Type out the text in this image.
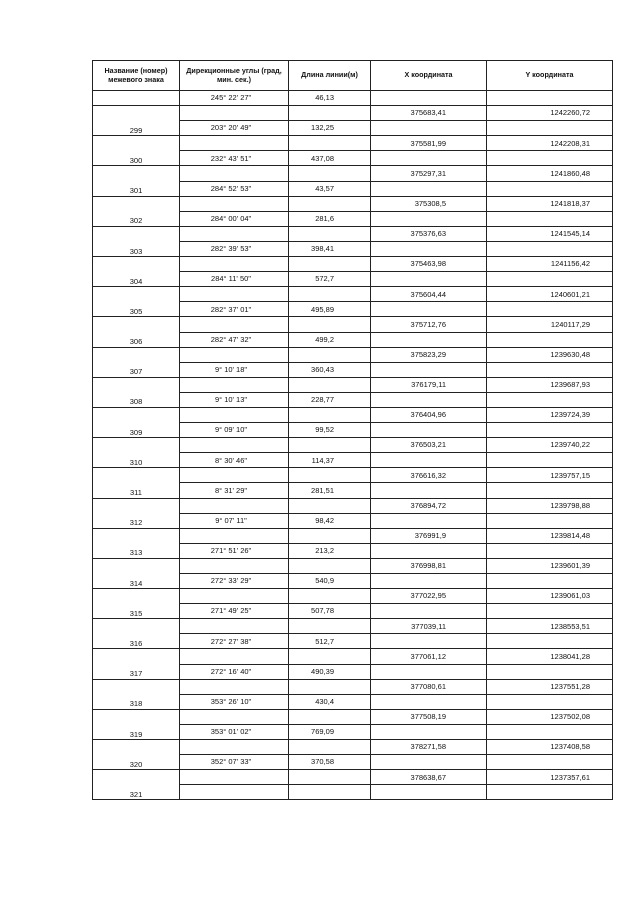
Название (номер) межевого знака	Дирекционные углы (град, мин. сек.)	Длина линии(м)	X координата	Y координата
	245° 22' 27"	46,13		
299			375683,41	1242260,72
	203° 20' 49"	132,25		
300			375581,99	1242208,31
	232° 43' 51"	437,08		
301			375297,31	1241860,48
	284° 52' 53"	43,57		
302			375308,5	1241818,37
	284° 00' 04"	281,6		
303			375376,63	1241545,14
	282° 39' 53"	398,41		
304			375463,98	1241156,42
	284° 11' 50"	572,7		
305			375604,44	1240601,21
	282° 37' 01"	495,89		
306			375712,76	1240117,29
	282° 47' 32"	499,2		
307			375823,29	1239630,48
	9° 10' 18"	360,43		
308			376179,11	1239687,93
	9° 10' 13"	228,77		
309			376404,96	1239724,39
	9° 09' 10"	99,52		
310			376503,21	1239740,22
	8° 30' 46"	114,37		
311			376616,32	1239757,15
	8° 31' 29"	281,51		
312			376894,72	1239798,88
	9° 07' 11"	98,42		
313			376991,9	1239814,48
	271° 51' 26"	213,2		
314			376998,81	1239601,39
	272° 33' 29"	540,9		
315			377022,95	1239061,03
	271° 49' 25"	507,78		
316			377039,11	1238553,51
	272° 27' 38"	512,7		
317			377061,12	1238041,28
	272° 16' 40"	490,39		
318			377080,61	1237551,28
	353° 26' 10"	430,4		
319			377508,19	1237502,08
	353° 01' 02"	769,09		
320			378271,58	1237408,58
	352° 07' 33"	370,58		
321			378638,67	1237357,61
